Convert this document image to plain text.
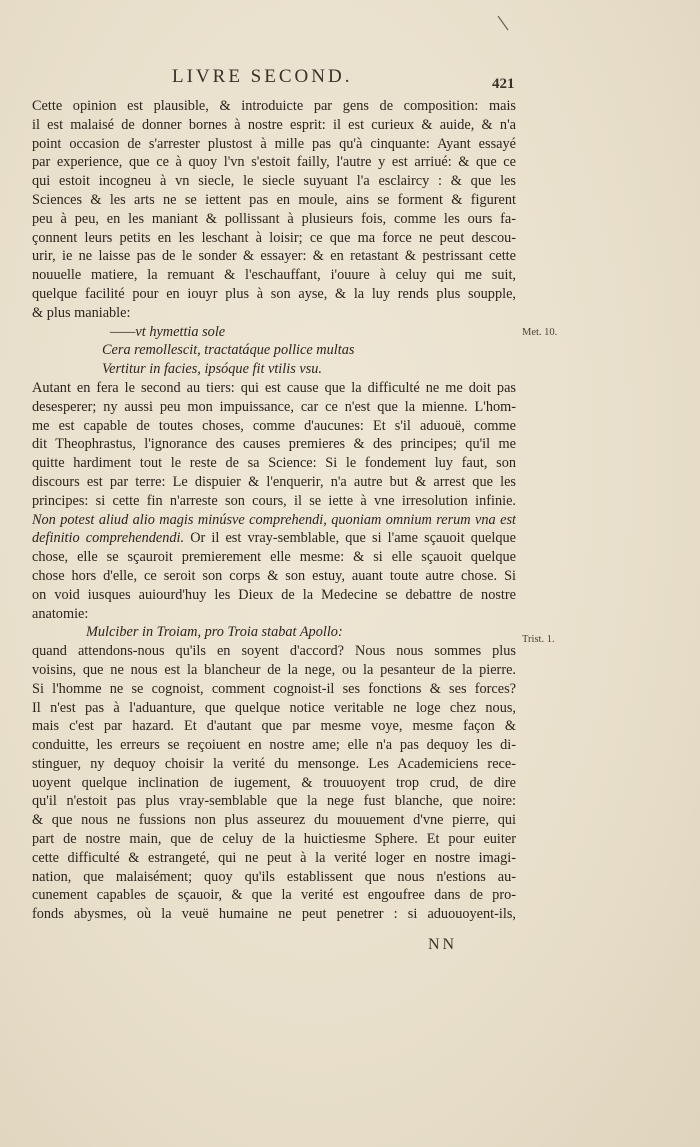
LIVRE SECOND.	421
Cette opinion est plausible, & introduicte par gens de composition: mais
il est malaisé de donner bornes à nostre esprit: il est curieux & auide, & n'a
point occasion de s'arrester plustost à mille pas qu'à cinquante: Ayant essayé
par experience, que ce à quoy l'vn s'estoit failly, l'autre y est arriué: & que ce
qui estoit incogneu à vn siecle, le siecle suyuant l'a esclaircy : & que les
Sciences & les arts ne se iettent pas en moule, ains se forment & figurent
peu à peu, en les maniant & pollissant à plusieurs fois, comme les ours fa-
çonnent leurs petits en les leschant à loisir; ce que ma force ne peut descou-
urir, ie ne laisse pas de le sonder & essayer: & en retastant & pestrissant cette
nouuelle matiere, la remuant & l'eschauffant, i'ouure à celuy qui me suit,
quelque facilité pour en iouyr plus à son ayse, & la luy rends plus soupple,
& plus maniable:
——vt hymettia sole
Cera remollescit, tractatáque pollice multas
Vertitur in facies, ipsóque fit vtilis vsu.
Autant en fera le second au tiers: qui est cause que la difficulté ne me doit pas
desesperer; ny aussi peu mon impuissance, car ce n'est que la mienne. L'hom-
me est capable de toutes choses, comme d'aucunes: Et s'il aduouë, comme
dit Theophrastus, l'ignorance des causes premieres & des principes; qu'il me
quitte hardiment tout le reste de sa Science: Si le fondement luy faut, son
discours est par terre: Le dispuier & l'enquerir, n'a autre but & arrest que les
principes: si cette fin n'arreste son cours, il se iette à vne irresolution infinie.
Non potest aliud alio magis minúsve comprehendi, quoniam omnium rerum vna est
definitio comprehendendi. Or il est vray-semblable, que si l'ame sçauoit quelque
chose, elle se sçauroit premierement elle mesme: & si elle sçauoit quelque
chose hors d'elle, ce seroit son corps & son estuy, auant toute autre chose. Si
on void iusques auiourd'huy les Dieux de la Medecine se debattre de nostre
anatomie:
Mulciber in Troiam, pro Troia stabat Apollo:
quand attendons-nous qu'ils en soyent d'accord? Nous nous sommes plus
voisins, que ne nous est la blancheur de la nege, ou la pesanteur de la pierre.
Si l'homme ne se cognoist, comment cognoist-il ses fonctions & ses forces?
Il n'est pas à l'aduanture, que quelque notice veritable ne loge chez nous,
mais c'est par hazard. Et d'autant que par mesme voye, mesme façon &
conduitte, les erreurs se reçoiuent en nostre ame; elle n'a pas dequoy les di-
stinguer, ny dequoy choisir la verité du mensonge. Les Academiciens rece-
uoyent quelque inclination de iugement, & trouuoyent trop crud, de dire
qu'il n'estoit pas plus vray-semblable que la nege fust blanche, que noire:
& que nous ne fussions non plus asseurez du mouuement d'vne pierre, qui
part de nostre main, que de celuy de la huictiesme Sphere. Et pour euiter
cette difficulté & estrangeté, qui ne peut à la verité loger en nostre imagi-
nation, que malaisément; quoy qu'ils establissent que nous n'estions au-
cunement capables de sçauoir, & que la verité est engoufree dans de pro-
fonds abysmes, où la veuë humaine ne peut penetrer : si aduouoyent-ils,
Met. 10.
Trist. 1.
NN
